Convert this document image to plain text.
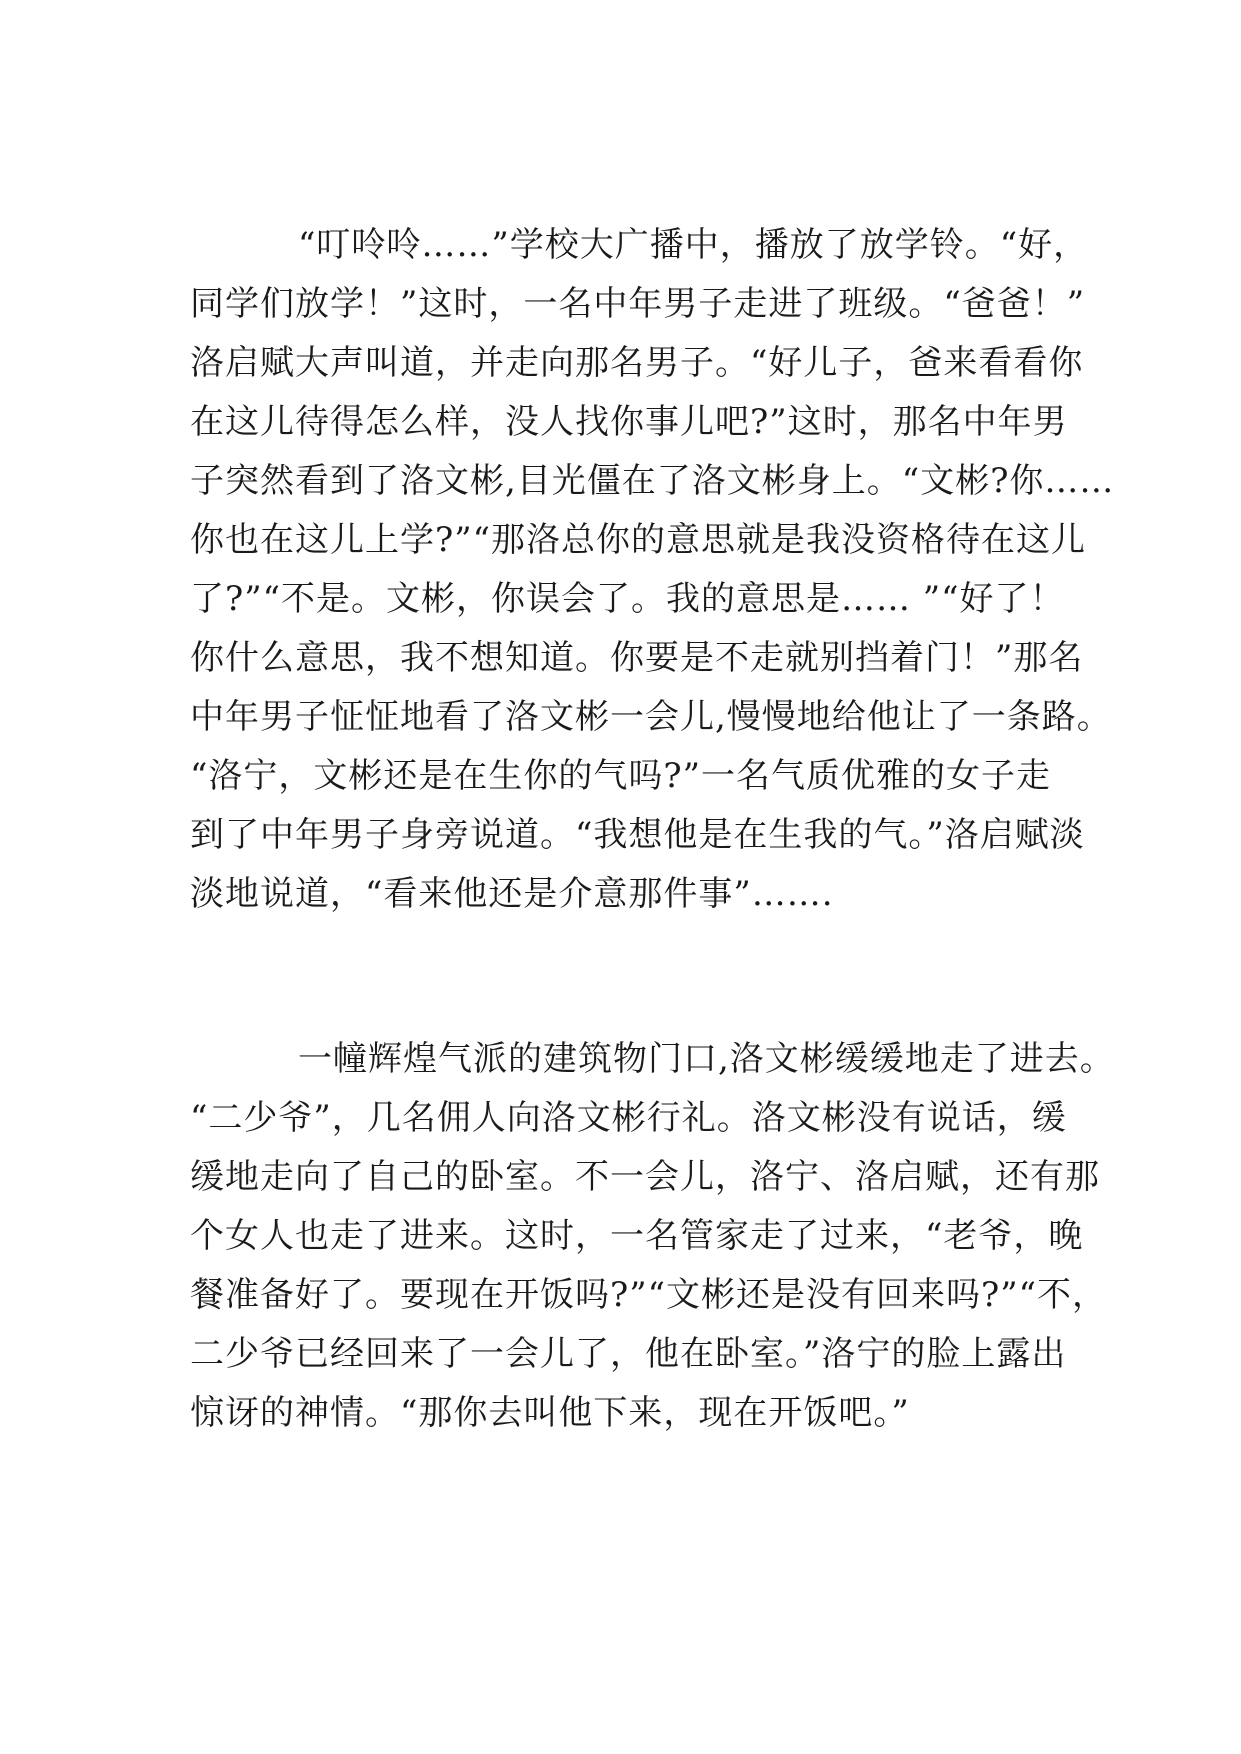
“叮呤呤……”学校大广播中，播放了放学铃。“好，
同学们放学！”这时，一名中年男子走进了班级。“爸爸！”
洛启赋大声叫道，并走向那名男子。“好儿子，爸来看看你
在这儿待得怎么样，没人找你事儿吧?”这时，那名中年男
子突然看到了洛文彬,目光僵在了洛文彬身上。“文彬?你……
你也在这儿上学?”“那洛总你的意思就是我没资格待在这儿
了?”“不是。文彬，你误会了。我的意思是…… ”“好了！
你什么意思，我不想知道。你要是不走就别挡着门！”那名
中年男子怔怔地看了洛文彬一会儿,慢慢地给他让了一条路。
“洛宁，文彬还是在生你的气吗?”一名气质优雅的女子走
到了中年男子身旁说道。“我想他是在生我的气。”洛启赋淡
淡地说道，“看来他还是介意那件事”…….
一幢辉煌气派的建筑物门口,洛文彬缓缓地走了进去。
“二少爷”，几名佣人向洛文彬行礼。洛文彬没有说话，缓
缓地走向了自己的卧室。不一会儿，洛宁、洛启赋，还有那
个女人也走了进来。这时，一名管家走了过来，“老爷，晚
餐准备好了。要现在开饭吗?”“文彬还是没有回来吗?”“不，
二少爷已经回来了一会儿了，他在卧室。”洛宁的脸上露出
惊讶的神情。“那你去叫他下来，现在开饭吧。”
